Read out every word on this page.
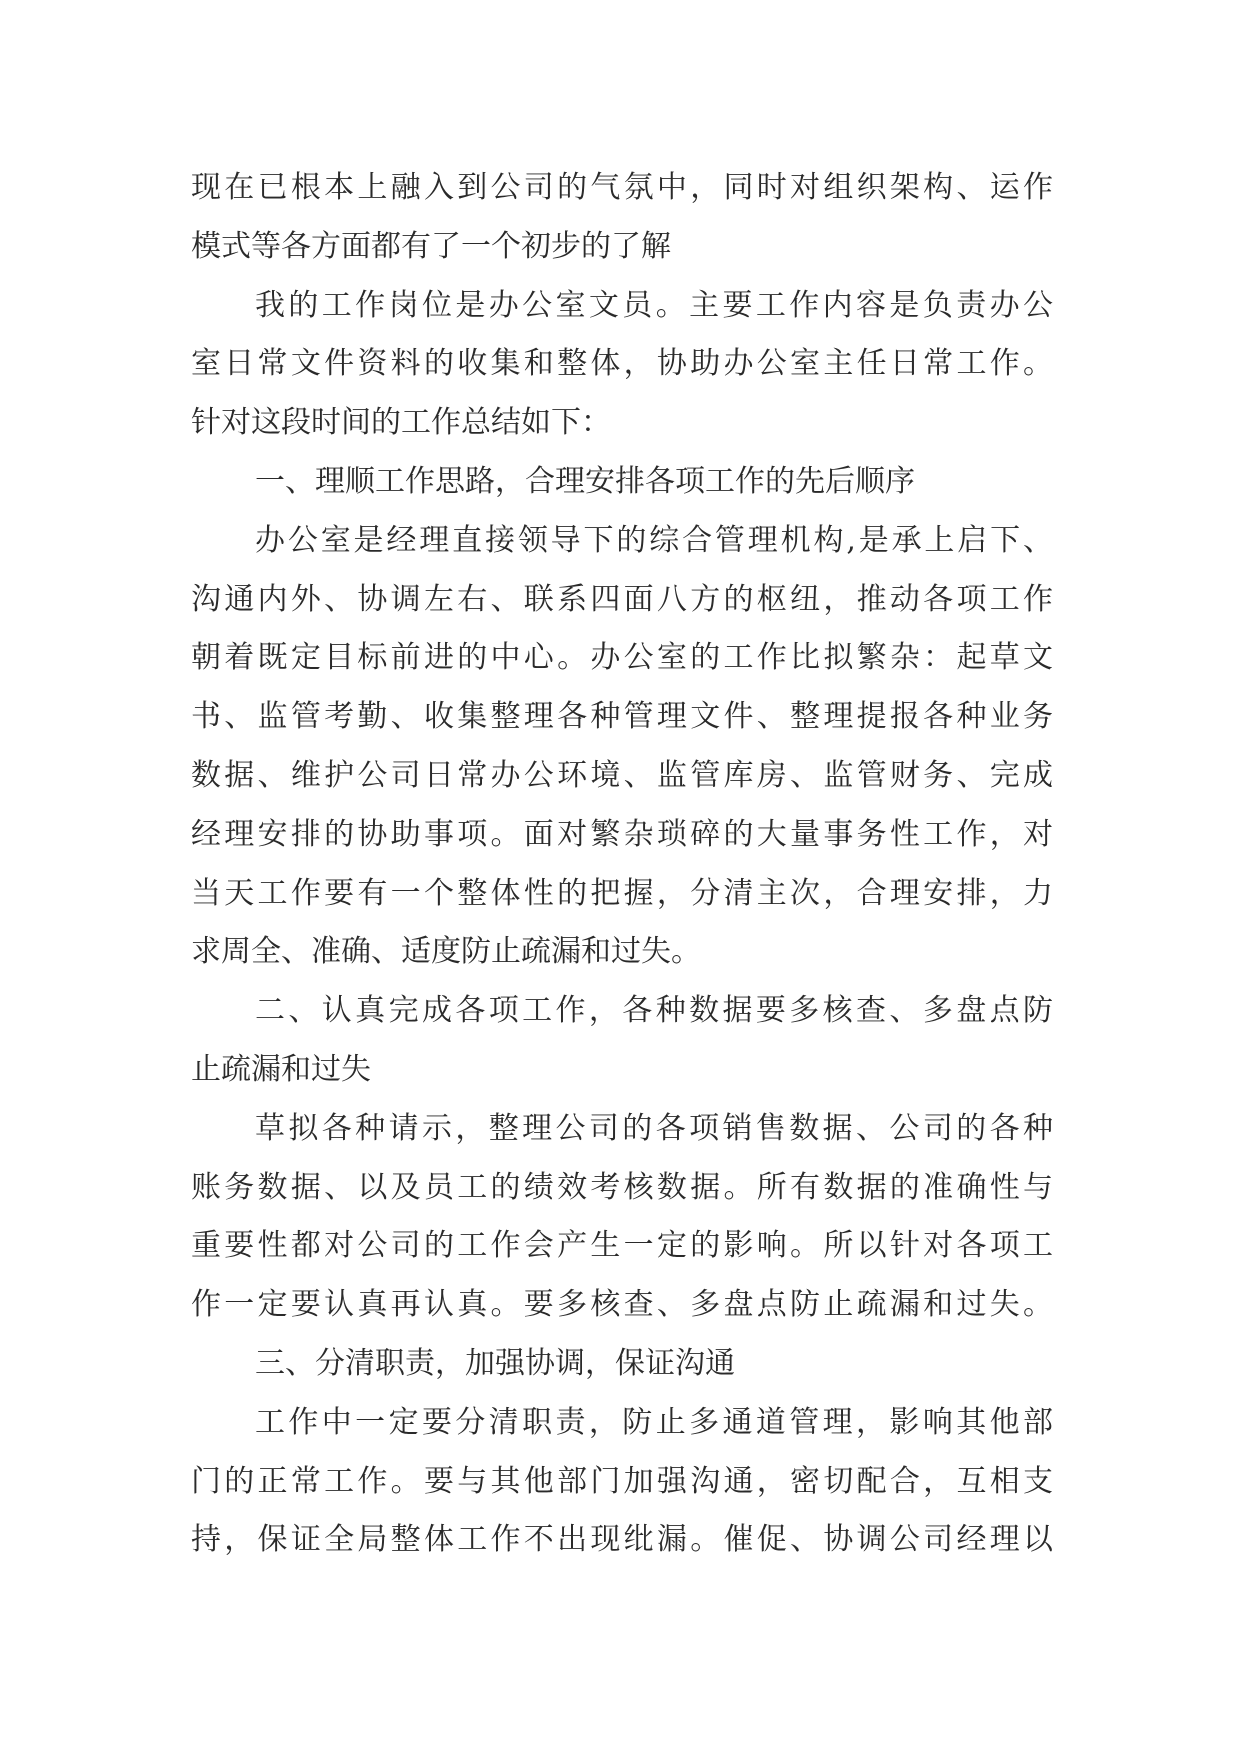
现在已根本上融入到公司的气氛中，同时对组织架构、运作
模式等各方面都有了一个初步的了解
我的工作岗位是办公室文员。主要工作内容是负责办公
室日常文件资料的收集和整体，协助办公室主任日常工作。
针对这段时间的工作总结如下：
一、理顺工作思路，合理安排各项工作的先后顺序
办公室是经理直接领导下的综合管理机构,是承上启下、
沟通内外、协调左右、联系四面八方的枢纽，推动各项工作
朝着既定目标前进的中心。办公室的工作比拟繁杂：起草文
书、监管考勤、收集整理各种管理文件、整理提报各种业务
数据、维护公司日常办公环境、监管库房、监管财务、完成
经理安排的协助事项。面对繁杂琐碎的大量事务性工作，对
当天工作要有一个整体性的把握，分清主次，合理安排，力
求周全、准确、适度防止疏漏和过失。
二、认真完成各项工作，各种数据要多核查、多盘点防
止疏漏和过失
草拟各种请示，整理公司的各项销售数据、公司的各种
账务数据、以及员工的绩效考核数据。所有数据的准确性与
重要性都对公司的工作会产生一定的影响。所以针对各项工
作一定要认真再认真。要多核查、多盘点防止疏漏和过失。
三、分清职责，加强协调，保证沟通
工作中一定要分清职责，防止多通道管理，影响其他部
门的正常工作。要与其他部门加强沟通，密切配合，互相支
持，保证全局整体工作不出现纰漏。催促、协调公司经理以
